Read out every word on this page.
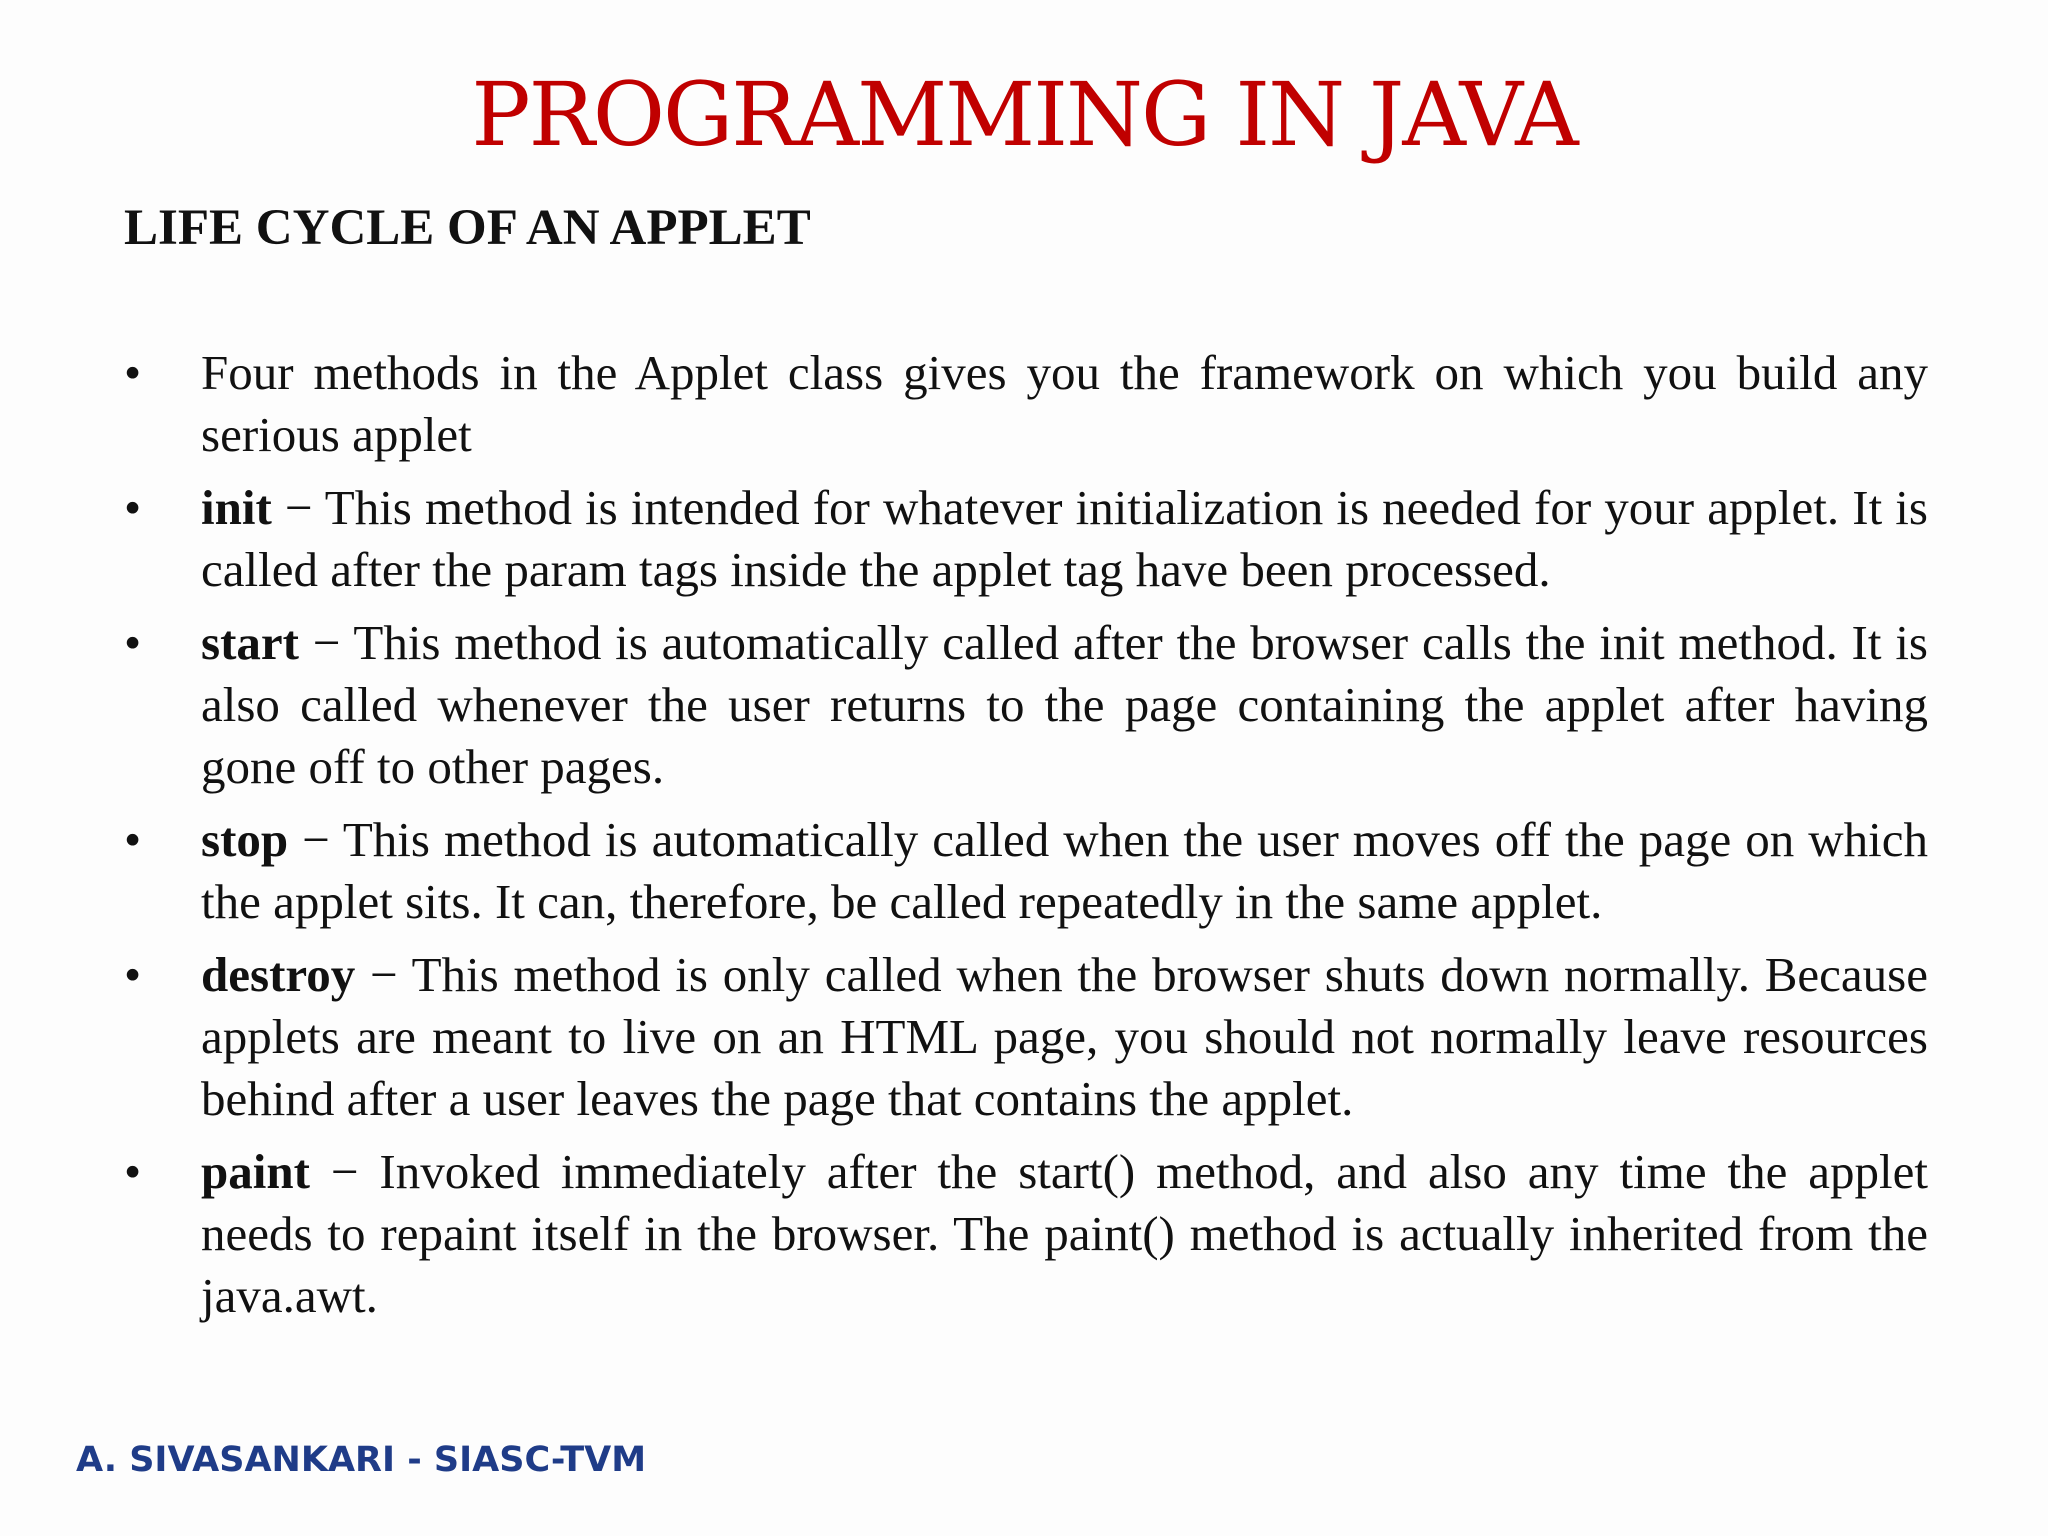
PROGRAMMING IN JAVA
LIFE CYCLE OF AN APPLET
• Four methods in the Applet class gives you the framework on which you build any serious applet
• init − This method is intended for whatever initialization is needed for your applet. It is called after the param tags inside the applet tag have been processed.
• start − This method is automatically called after the browser calls the init method. It is also called whenever the user returns to the page containing the applet after having gone off to other pages.
• stop − This method is automatically called when the user moves off the page on which the applet sits. It can, therefore, be called repeatedly in the same applet.
• destroy − This method is only called when the browser shuts down normally. Because applets are meant to live on an HTML page, you should not normally leave resources behind after a user leaves the page that contains the applet.
• paint − Invoked immediately after the start() method, and also any time the applet needs to repaint itself in the browser. The paint() method is actually inherited from the java.awt.
A. SIVASANKARI - SIASC-TVM
